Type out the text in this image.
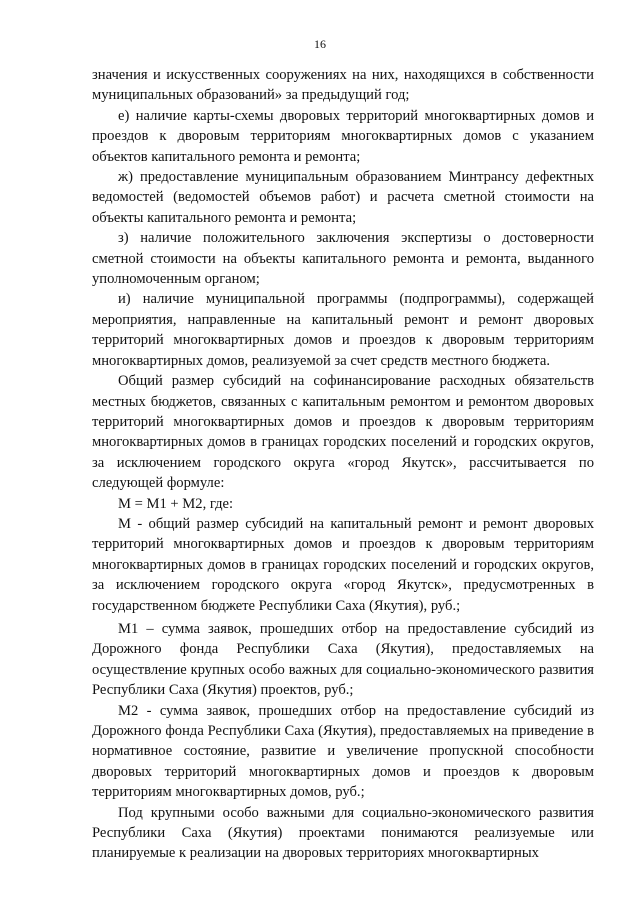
16

значения и искусственных сооружениях на них, находящихся в собственности муниципальных образований» за предыдущий год;

е) наличие карты-схемы дворовых территорий многоквартирных домов и проездов к дворовым территориям многоквартирных домов с указанием объектов капитального ремонта и ремонта;

ж) предоставление муниципальным образованием Минтрансу дефектных ведомостей (ведомостей объемов работ) и расчета сметной стоимости на объекты капитального ремонта и ремонта;

з) наличие положительного заключения экспертизы о достоверности сметной стоимости на объекты капитального ремонта и ремонта, выданного уполномоченным органом;

и) наличие муниципальной программы (подпрограммы), содержащей мероприятия, направленные на капитальный ремонт и ремонт дворовых территорий многоквартирных домов и проездов к дворовым территориям многоквартирных домов, реализуемой за счет средств местного бюджета.

Общий размер субсидий на софинансирование расходных обязательств местных бюджетов, связанных с капитальным ремонтом и ремонтом дворовых территорий многоквартирных домов и проездов к дворовым территориям многоквартирных домов в границах городских поселений и городских округов, за исключением городского округа «город Якутск», рассчитывается по следующей формуле:

М = М1 + М2, где:

М - общий размер субсидий на капитальный ремонт и ремонт дворовых территорий многоквартирных домов и проездов к дворовым территориям многоквартирных домов в границах городских поселений и городских округов, за исключением городского округа «город Якутск», предусмотренных в государственном бюджете Республики Саха (Якутия), руб.;

М1 – сумма заявок, прошедших отбор на предоставление субсидий из Дорожного фонда Республики Саха (Якутия), предоставляемых на осуществление крупных особо важных для социально-экономического развития Республики Саха (Якутия) проектов, руб.;

М2 - сумма заявок, прошедших отбор на предоставление субсидий из Дорожного фонда Республики Саха (Якутия), предоставляемых на приведение в нормативное состояние, развитие и увеличение пропускной способности дворовых территорий многоквартирных домов и проездов к дворовым территориям многоквартирных домов, руб.;

Под крупными особо важными для социально-экономического развития Республики Саха (Якутия) проектами понимаются реализуемые или планируемые к реализации на дворовых территориях многоквартирных
